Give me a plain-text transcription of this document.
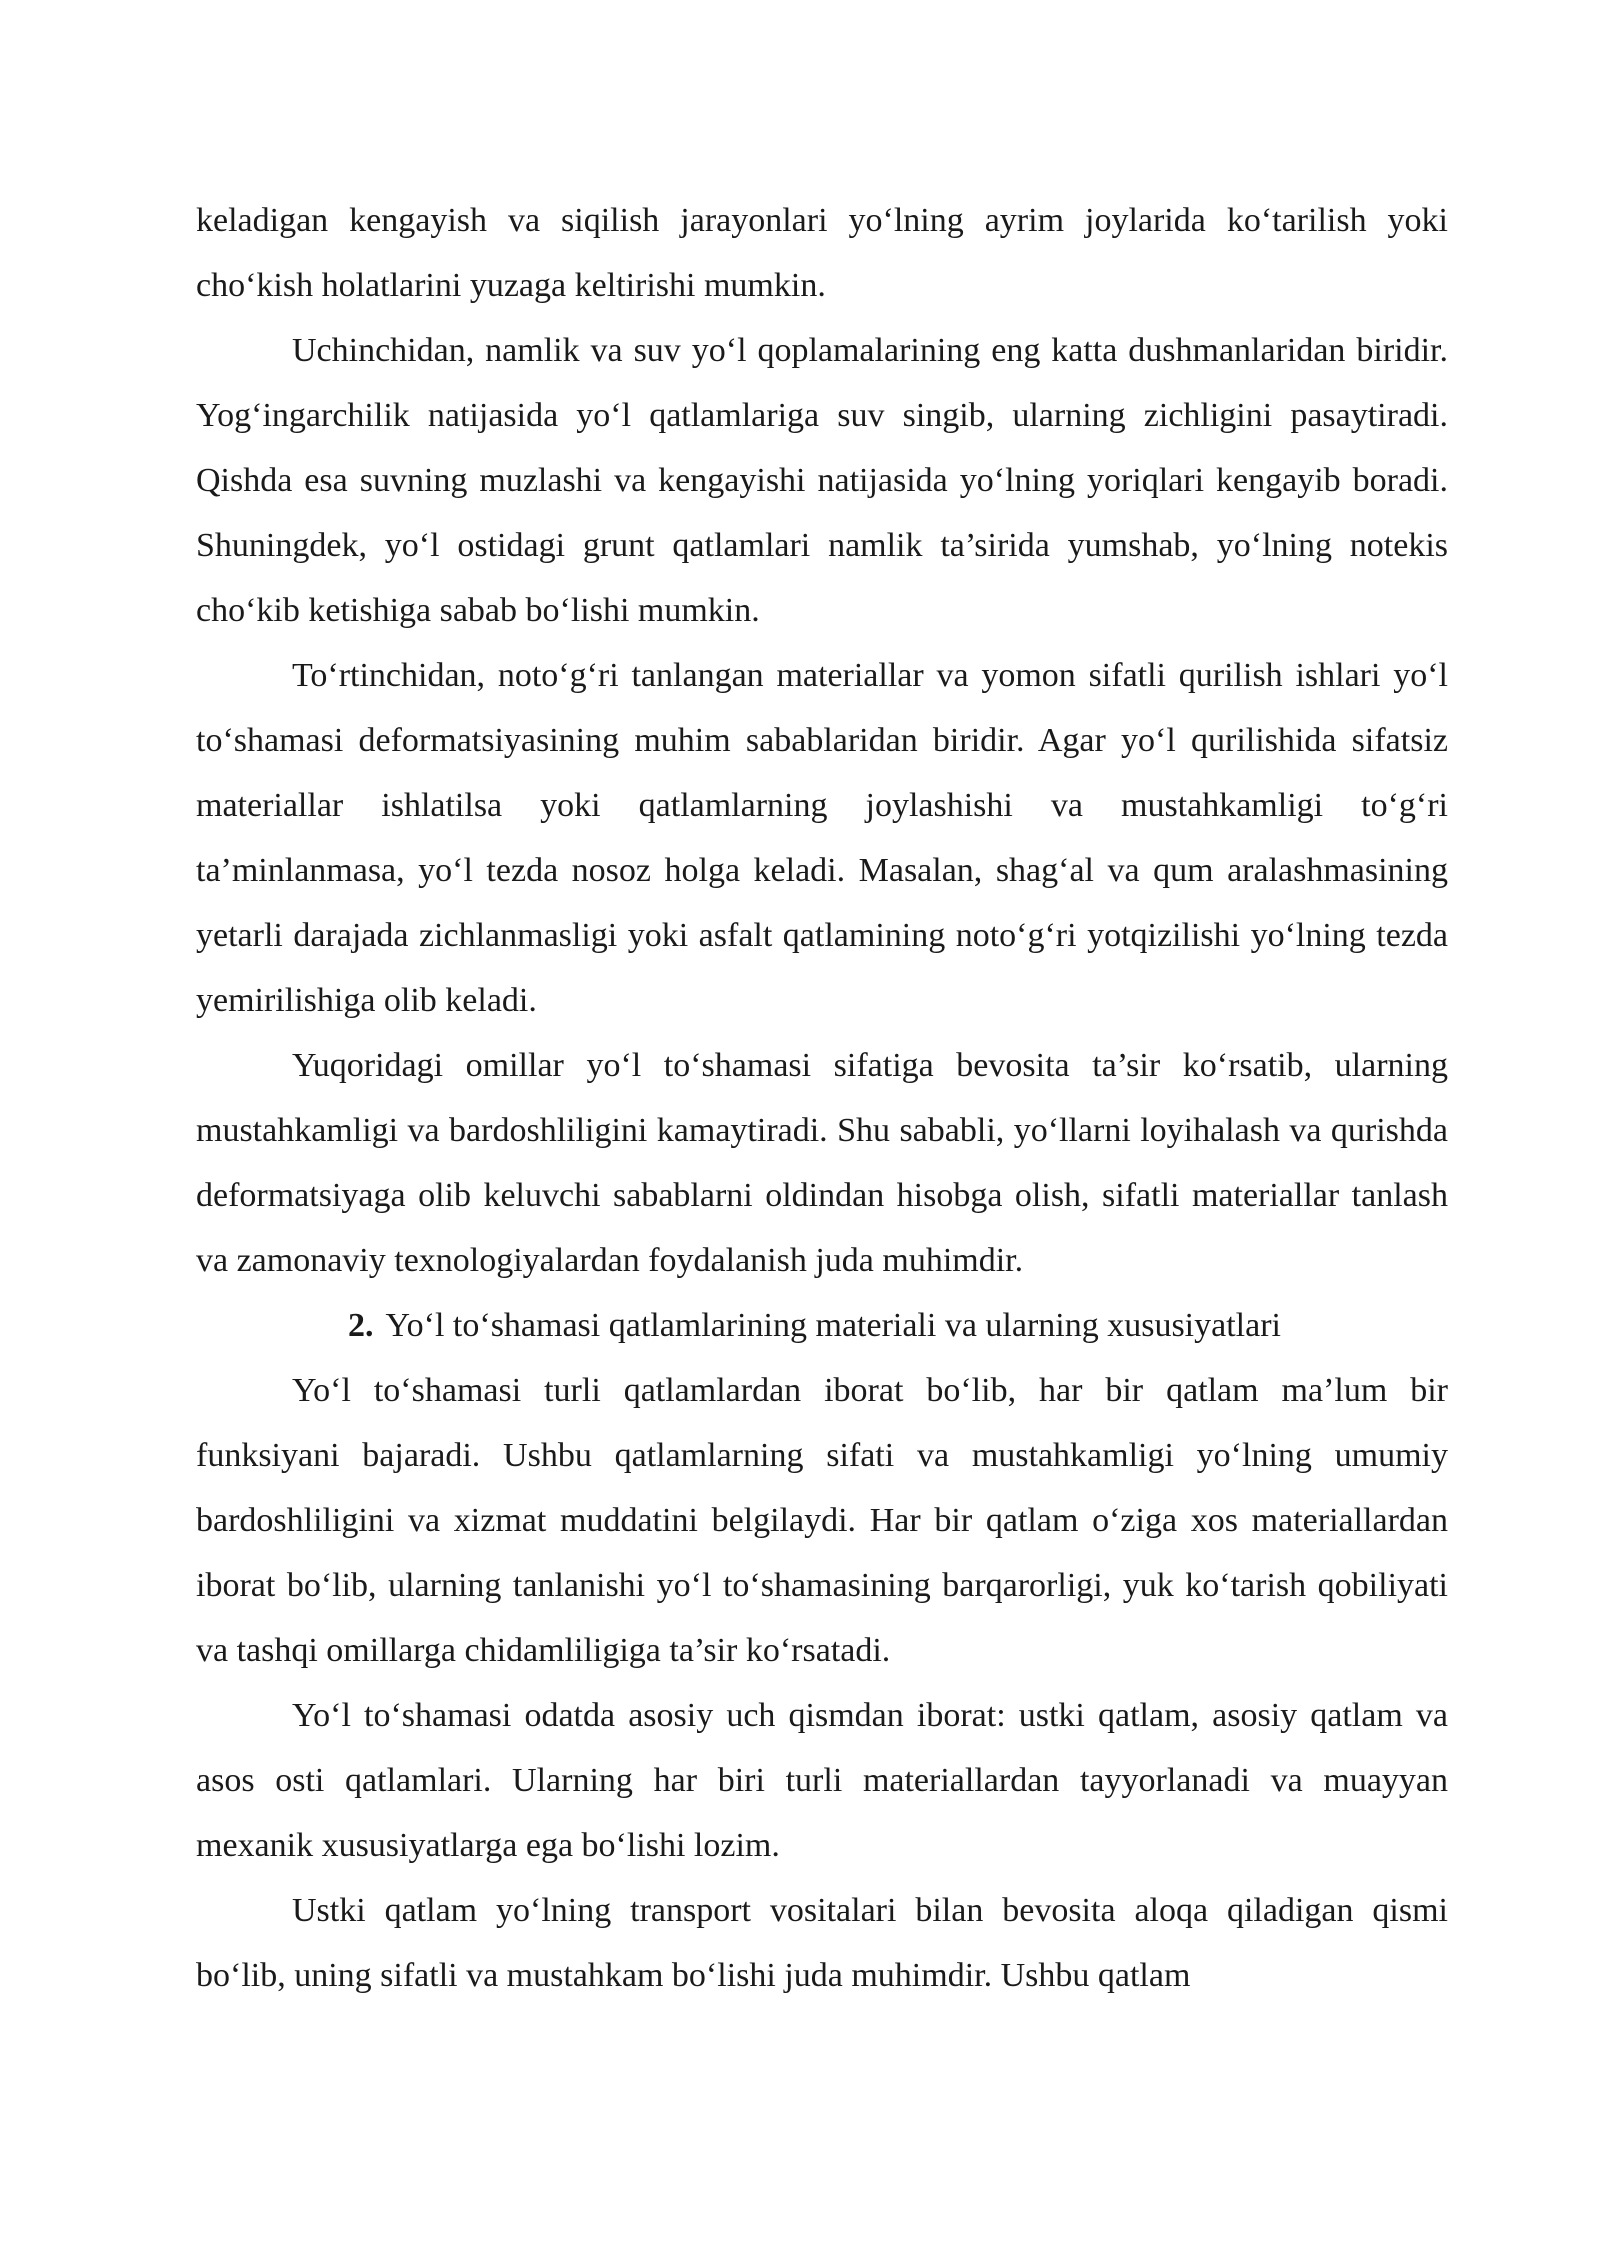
keladigan kengayish va siqilish jarayonlari yo‘lning ayrim joylarida ko‘tarilish yoki cho‘kish holatlarini yuzaga keltirishi mumkin.

Uchinchidan, namlik va suv yo‘l qoplamalarining eng katta dushmanlaridan biridir. Yog‘ingarchilik natijasida yo‘l qatlamlariga suv singib, ularning zichligini pasaytiradi. Qishda esa suvning muzlashi va kengayishi natijasida yo‘lning yoriqlari kengayib boradi. Shuningdek, yo‘l ostidagi grunt qatlamlari namlik ta’sirida yumshab, yo‘lning notekis cho‘kib ketishiga sabab bo‘lishi mumkin.

To‘rtinchidan, noto‘g‘ri tanlangan materiallar va yomon sifatli qurilish ishlari yo‘l to‘shamasi deformatsiyasining muhim sabablaridan biridir. Agar yo‘l qurilishida sifatsiz materiallar ishlatilsa yoki qatlamlarning joylashishi va mustahkamligi to‘g‘ri ta’minlanmasa, yo‘l tezda nosoz holga keladi. Masalan, shag‘al va qum aralashmasining yetarli darajada zichlanmasligi yoki asfalt qatlamining noto‘g‘ri yotqizilishi yo‘lning tezda yemirilishiga olib keladi.

Yuqoridagi omillar yo‘l to‘shamasi sifatiga bevosita ta’sir ko‘rsatib, ularning mustahkamligi va bardoshliligini kamaytiradi. Shu sababli, yo‘llarni loyihalash va qurishda deformatsiyaga olib keluvchi sabablarni oldindan hisobga olish, sifatli materiallar tanlash va zamonaviy texnologiyalardan foydalanish juda muhimdir.

2. Yo‘l to‘shamasi qatlamlarining materiali va ularning xususiyatlari

Yo‘l to‘shamasi turli qatlamlardan iborat bo‘lib, har bir qatlam ma’lum bir funksiyani bajaradi. Ushbu qatlamlarning sifati va mustahkamligi yo‘lning umumiy bardoshliligini va xizmat muddatini belgilaydi. Har bir qatlam o‘ziga xos materiallardan iborat bo‘lib, ularning tanlanishi yo‘l to‘shamasining barqarorligi, yuk ko‘tarish qobiliyati va tashqi omillarga chidamliligiga ta’sir ko‘rsatadi.

Yo‘l to‘shamasi odatda asosiy uch qismdan iborat: ustki qatlam, asosiy qatlam va asos osti qatlamlari. Ularning har biri turli materiallardan tayyorlanadi va muayyan mexanik xususiyatlarga ega bo‘lishi lozim.

Ustki qatlam yo‘lning transport vositalari bilan bevosita aloqa qiladigan qismi bo‘lib, uning sifatli va mustahkam bo‘lishi juda muhimdir. Ushbu qatlam
